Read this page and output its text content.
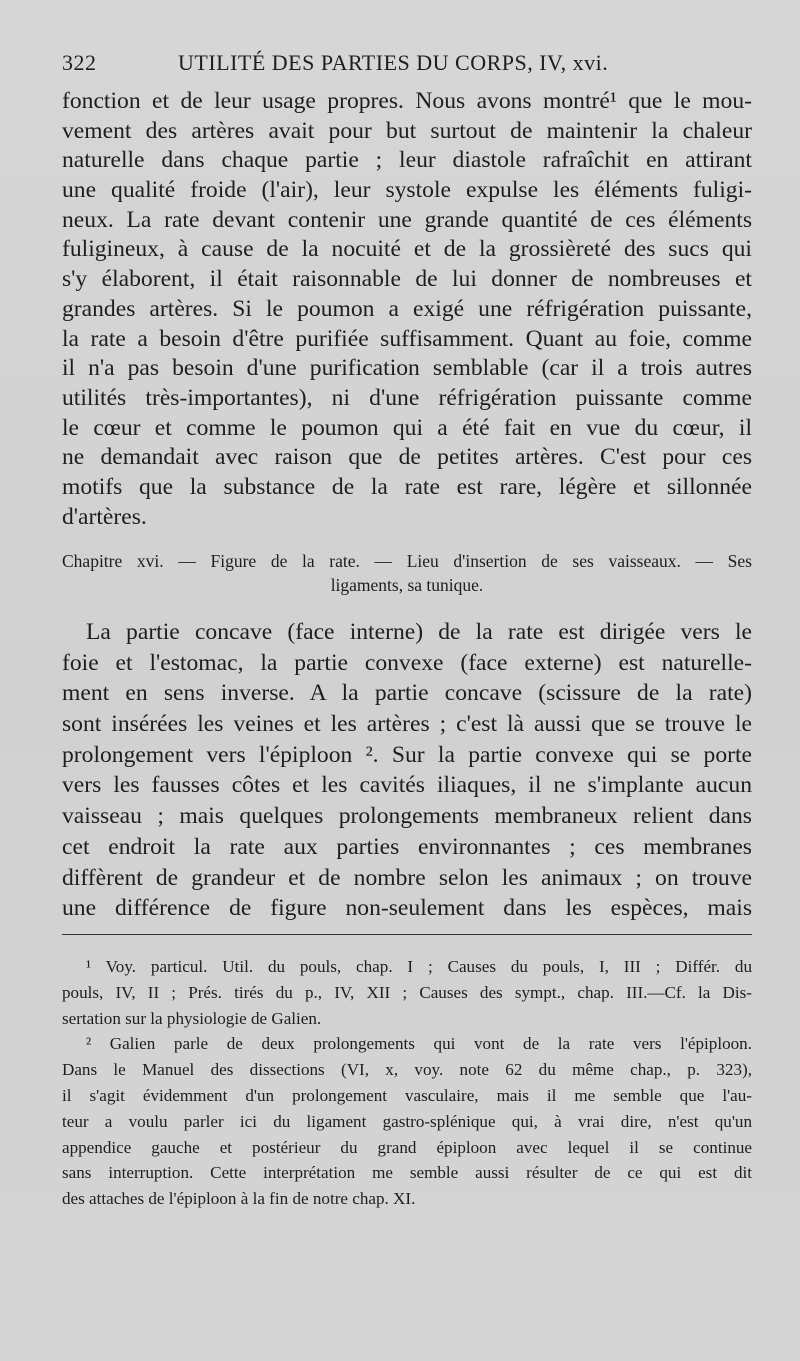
322	UTILITÉ DES PARTIES DU CORPS, IV, xvi.
fonction et de leur usage propres. Nous avons montré¹ que le mou-
vement des artères avait pour but surtout de maintenir la chaleur
naturelle dans chaque partie ; leur diastole rafraîchit en attirant
une qualité froide (l'air), leur systole expulse les éléments fuligi-
neux. La rate devant contenir une grande quantité de ces éléments
fuligineux, à cause de la nocuité et de la grossièreté des sucs qui
s'y élaborent, il était raisonnable de lui donner de nombreuses et
grandes artères. Si le poumon a exigé une réfrigération puissante,
la rate a besoin d'être purifiée suffisamment. Quant au foie, comme
il n'a pas besoin d'une purification semblable (car il a trois autres
utilités très-importantes), ni d'une réfrigération puissante comme
le cœur et comme le poumon qui a été fait en vue du cœur, il
ne demandait avec raison que de petites artères. C'est pour ces
motifs que la substance de la rate est rare, légère et sillonnée
d'artères.
Chapitre xvi. — Figure de la rate. — Lieu d'insertion de ses vaisseaux. — Ses
ligaments, sa tunique.
La partie concave (face interne) de la rate est dirigée vers le
foie et l'estomac, la partie convexe (face externe) est naturelle-
ment en sens inverse. A la partie concave (scissure de la rate)
sont insérées les veines et les artères ; c'est là aussi que se trouve le
prolongement vers l'épiploon ². Sur la partie convexe qui se porte
vers les fausses côtes et les cavités iliaques, il ne s'implante aucun
vaisseau ; mais quelques prolongements membraneux relient dans
cet endroit la rate aux parties environnantes ; ces membranes
diffèrent de grandeur et de nombre selon les animaux ; on trouve
une différence de figure non-seulement dans les espèces, mais
¹ Voy. particul. Util. du pouls, chap. I ; Causes du pouls, I, III ; Différ. du
pouls, IV, II ; Prés. tirés du p., IV, XII ; Causes des sympt., chap. III.—Cf. la Dis-
sertation sur la physiologie de Galien.
² Galien parle de deux prolongements qui vont de la rate vers l'épiploon.
Dans le Manuel des dissections (VI, x, voy. note 62 du même chap., p. 323),
il s'agit évidemment d'un prolongement vasculaire, mais il me semble que l'au-
teur a voulu parler ici du ligament gastro-splénique qui, à vrai dire, n'est qu'un
appendice gauche et postérieur du grand épiploon avec lequel il se continue
sans interruption. Cette interprétation me semble aussi résulter de ce qui est dit
des attaches de l'épiploon à la fin de notre chap. XI.
